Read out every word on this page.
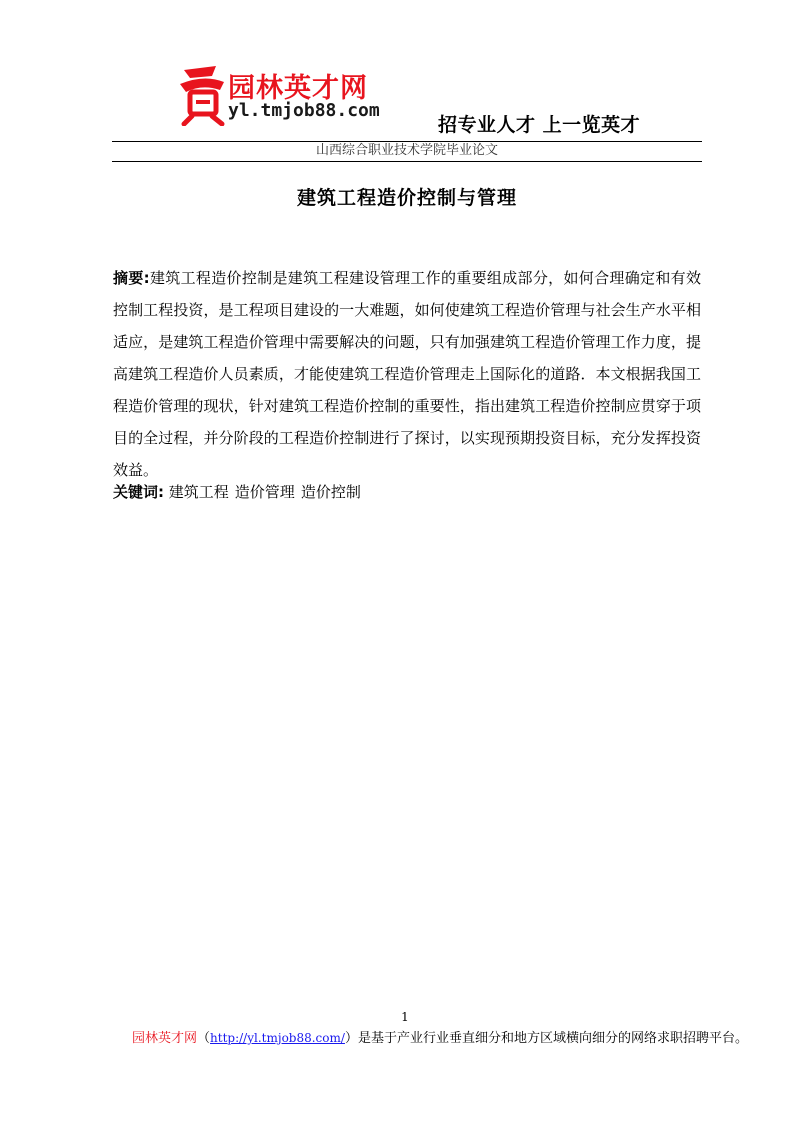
园林英才网
yl.tmjob88.com
招专业人才 上一览英才
山西综合职业技术学院毕业论文
建筑工程造价控制与管理
摘要:建筑工程造价控制是建筑工程建设管理工作的重要组成部分，如何合理确定和有效控制工程投资，是工程项目建设的一大难题，如何使建筑工程造价管理与社会生产水平相适应，是建筑工程造价管理中需要解决的问题，只有加强建筑工程造价管理工作力度，提高建筑工程造价人员素质，才能使建筑工程造价管理走上国际化的道路．本文根据我国工程造价管理的现状，针对建筑工程造价控制的重要性，指出建筑工程造价控制应贯穿于项目的全过程，并分阶段的工程造价控制进行了探讨，以实现预期投资目标，充分发挥投资效益。
关键词: 建筑工程 造价管理 造价控制
1
园林英才网（http://yl.tmjob88.com/）是基于产业行业垂直细分和地方区域横向细分的网络求职招聘平台。
